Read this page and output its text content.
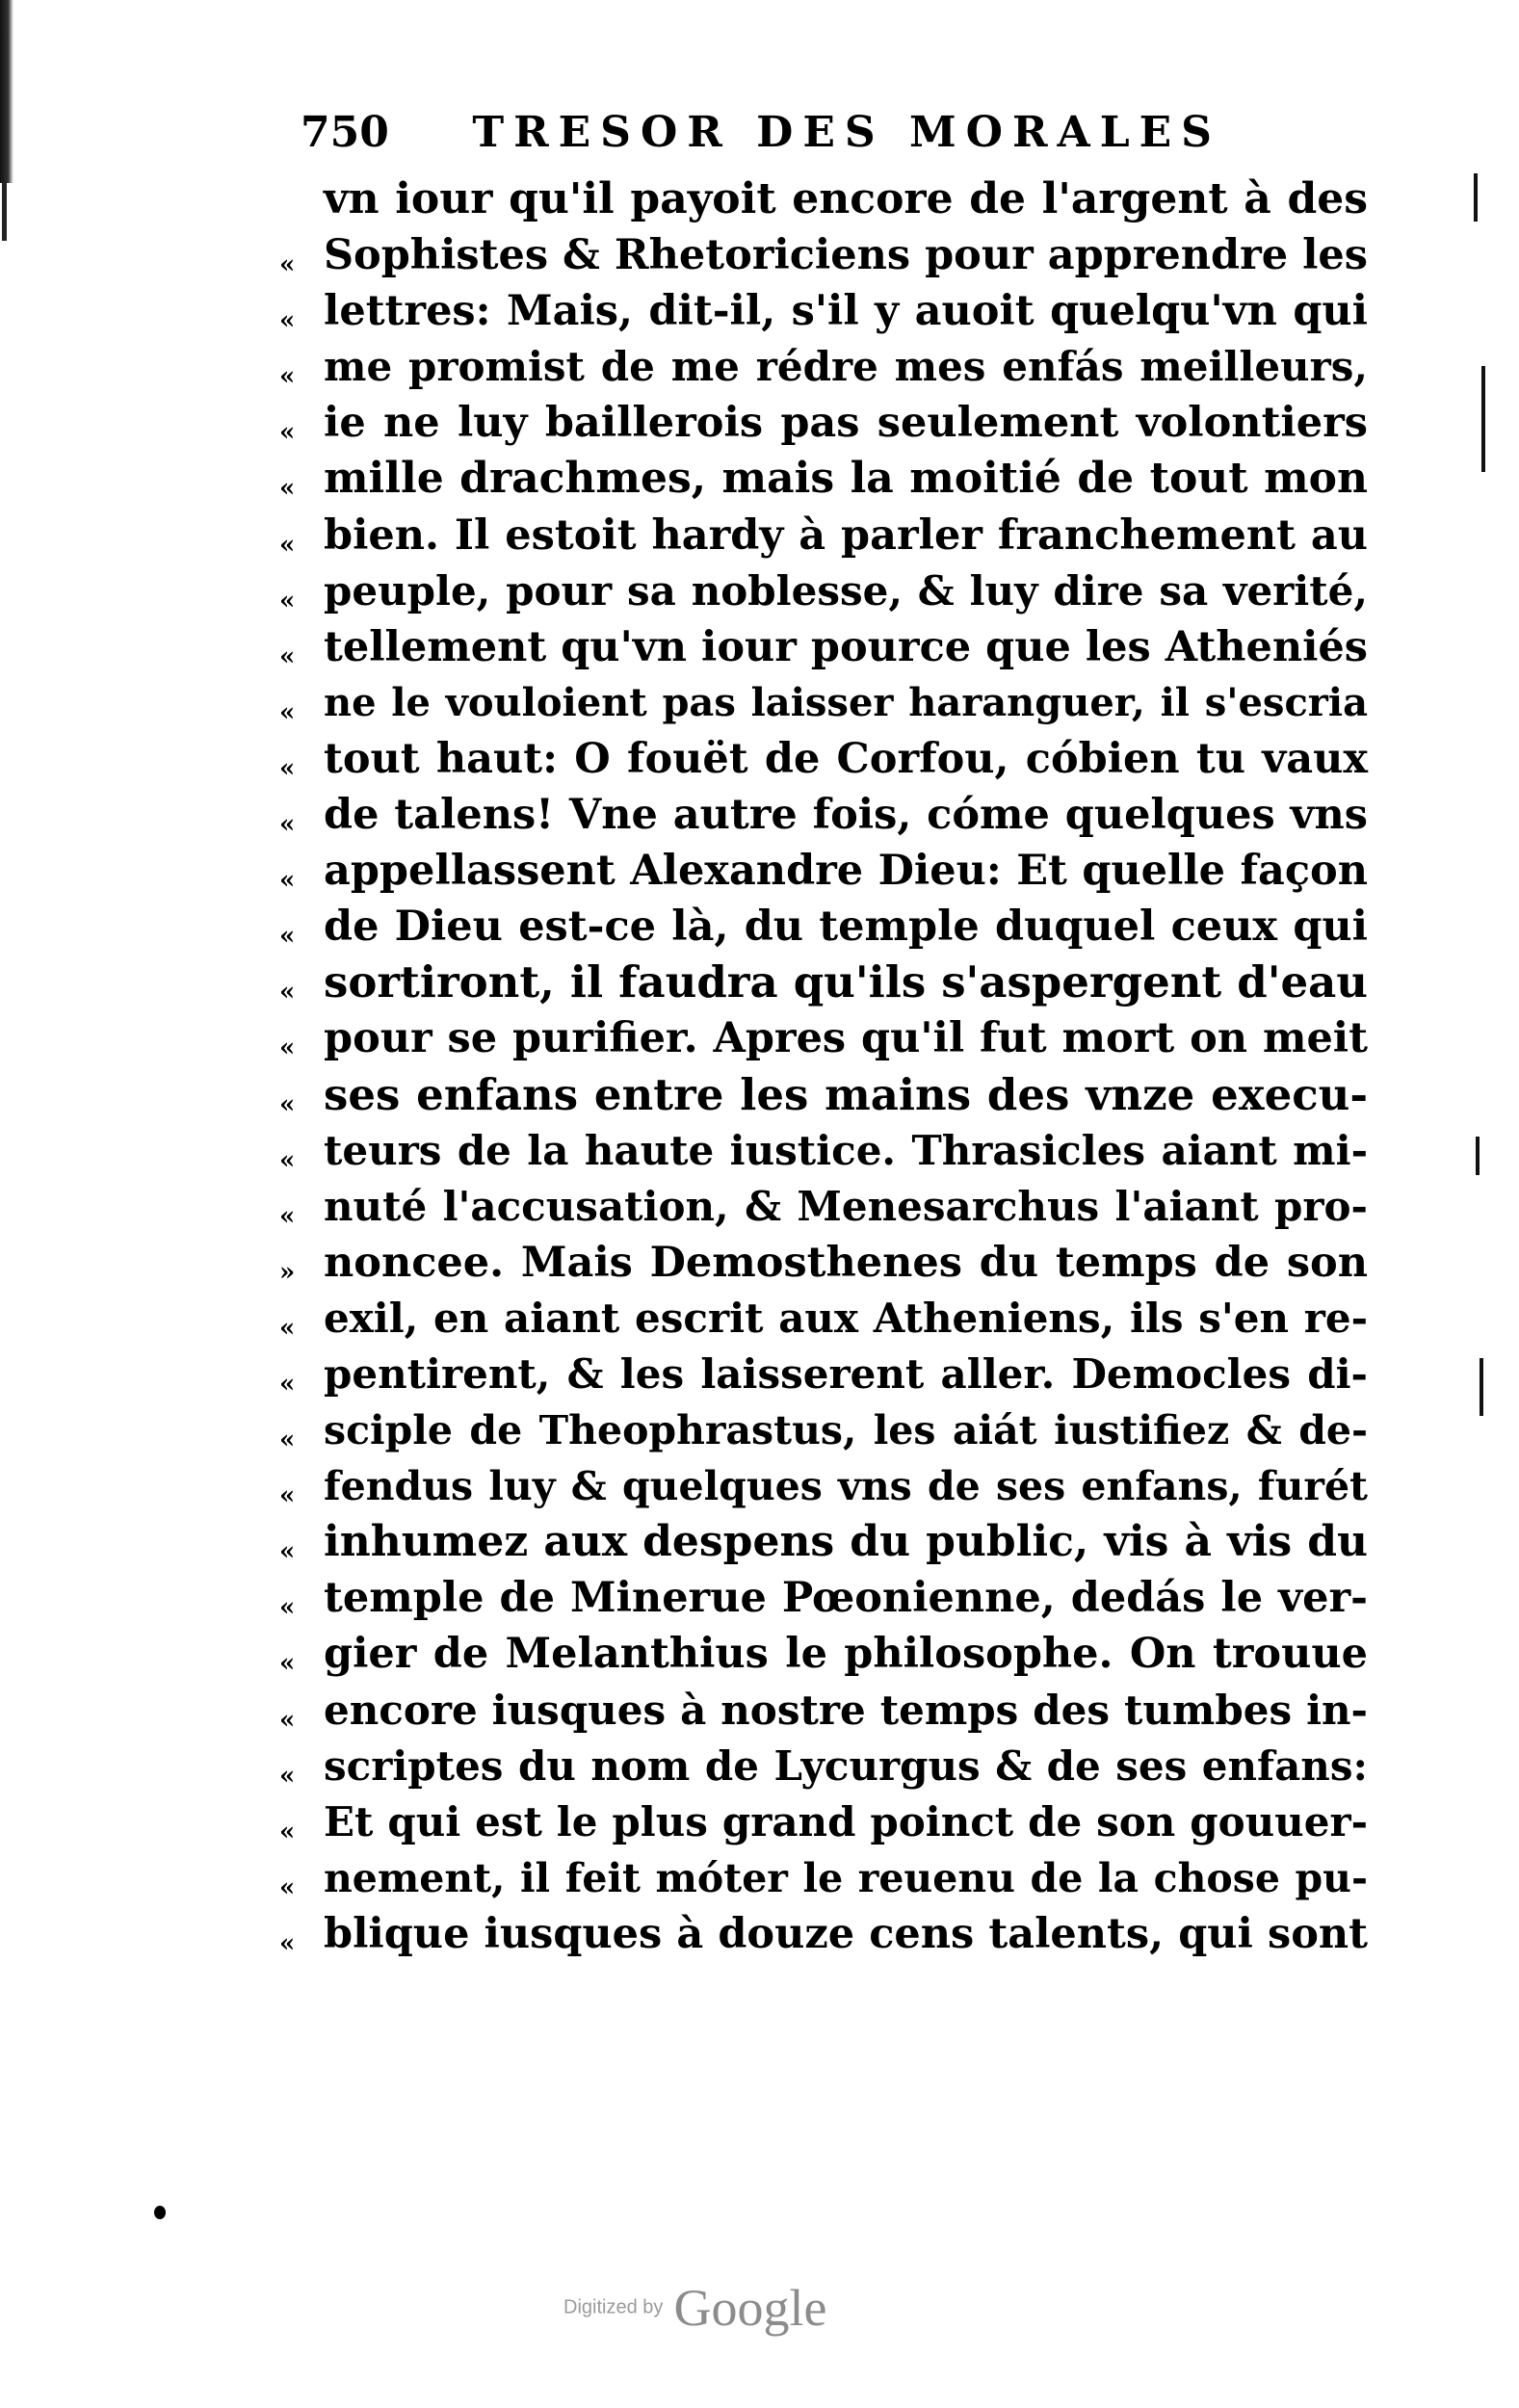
750 TRESOR DES MORALES
vn iour qu'il payoit encore de l'argent à des
« Sophistes & Rhetoriciens pour apprendre les
« lettres: Mais, dit-il, s'il y auoit quelqu'vn qui
« me promist de me rédre mes enfás meilleurs,
« ie ne luy baillerois pas seulement volontiers
« mille drachmes, mais la moitié de tout mon
« bien. Il estoit hardy à parler franchement au
« peuple, pour sa noblesse, & luy dire sa verité,
« tellement qu'vn iour pource que les Atheniés
« ne le vouloient pas laisser haranguer, il s'escria
« tout haut: O fouët de Corfou, cóbien tu vaux
« de talens! Vne autre fois, cóme quelques vns
« appellassent Alexandre Dieu: Et quelle façon
« de Dieu est-ce là, du temple duquel ceux qui
« sortiront, il faudra qu'ils s'aspergent d'eau
« pour se purifier. Apres qu'il fut mort on meit
« ses enfans entre les mains des vnze execu-
« teurs de la haute iustice. Thrasicles aiant mi-
« nuté l'accusation, & Menesarchus l'aiant pro-
» noncee. Mais Demosthenes du temps de son
« exil, en aiant escrit aux Atheniens, ils s'en re-
« pentirent, & les laisserent aller. Democles di-
« sciple de Theophrastus, les aiát iustifiez & de-
« fendus luy & quelques vns de ses enfans, furét
« inhumez aux despens du public, vis à vis du
« temple de Minerue Pœonienne, dedás le ver-
« gier de Melanthius le philosophe. On trouue
« encore iusques à nostre temps des tumbes in-
« scriptes du nom de Lycurgus & de ses enfans:
« Et qui est le plus grand poinct de son gouuer-
« nement, il feit móter le reuenu de la chose pu-
« blique iusques à douze cens talents, qui sont
Digitized by Google
